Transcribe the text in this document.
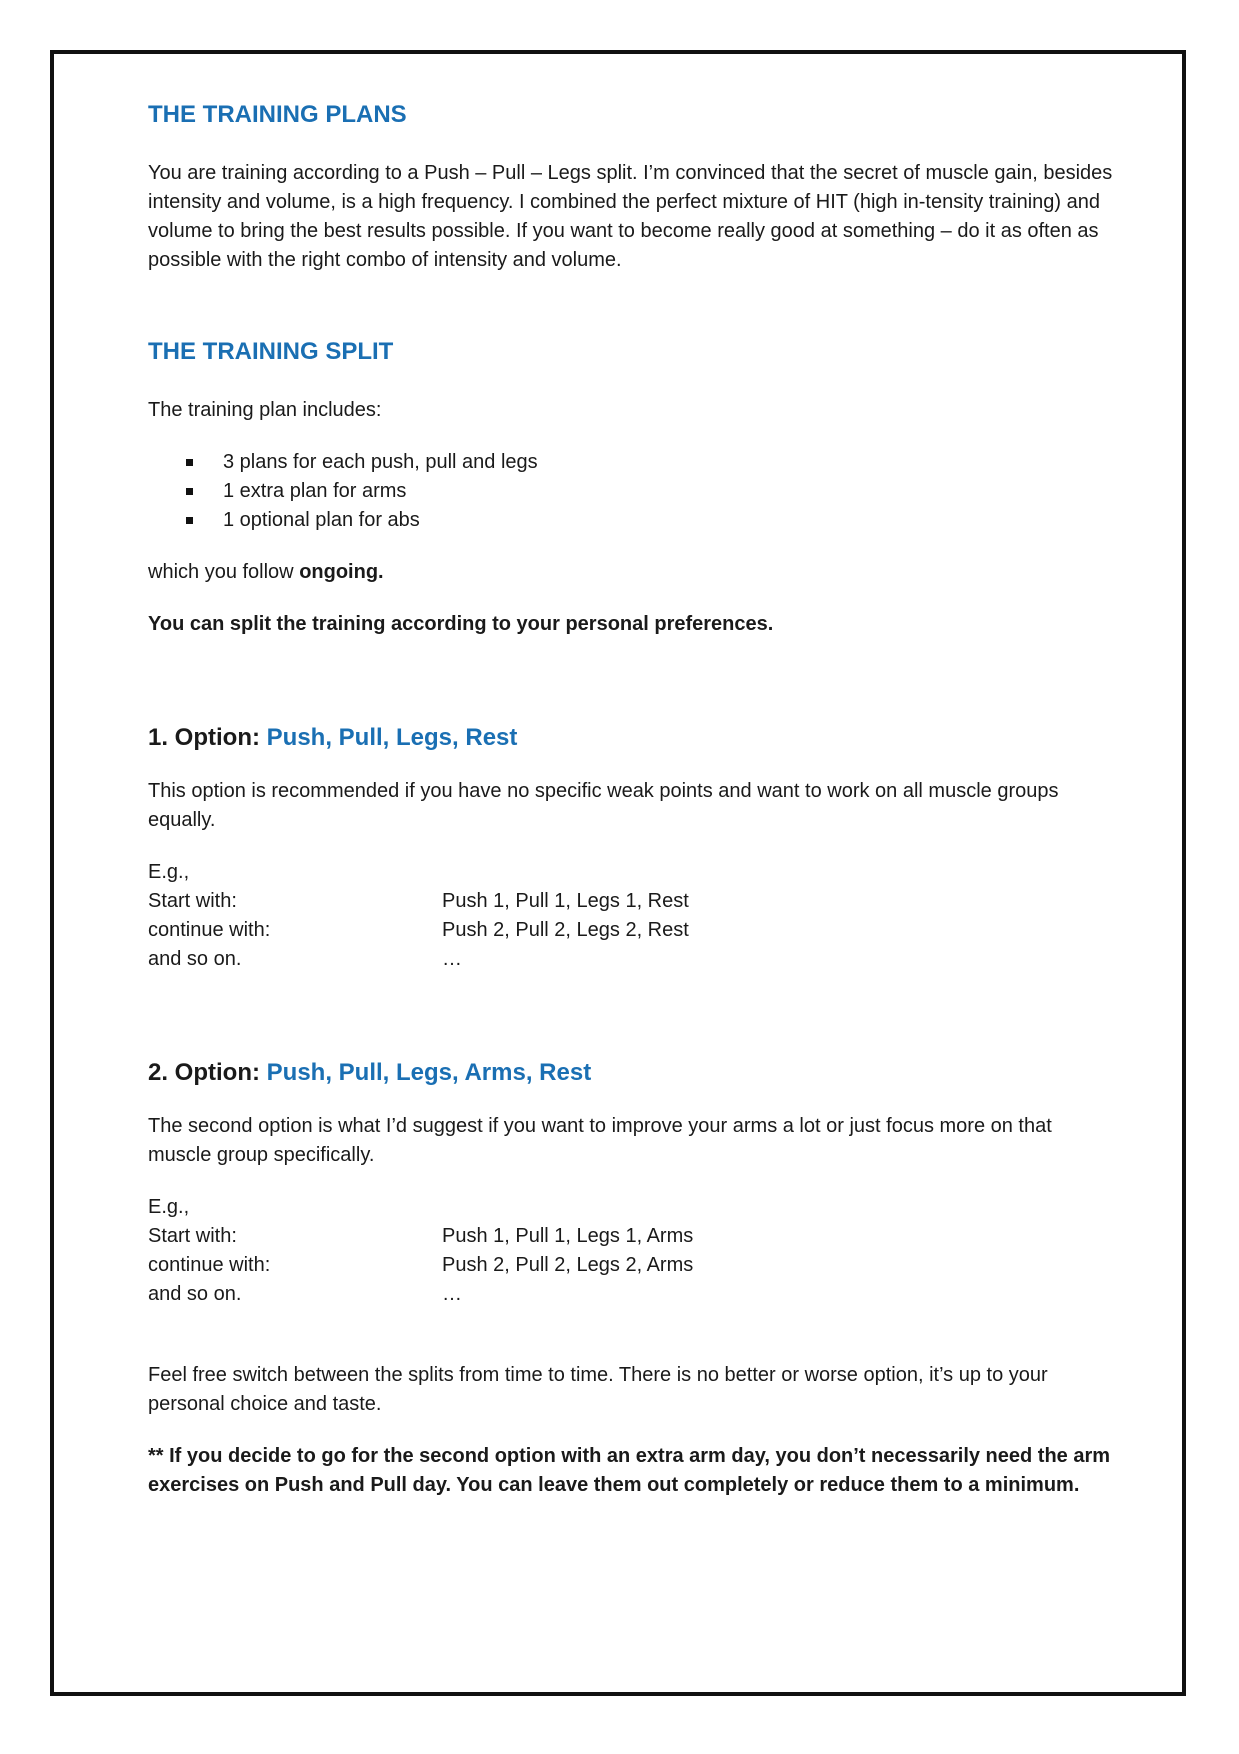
THE TRAINING PLANS

You are training according to a Push – Pull – Legs split. I’m convinced that the secret of muscle gain, besides intensity and volume, is a high frequency. I combined the perfect mixture of HIT (high in-tensity training) and volume to bring the best results possible. If you want to become really good at something – do it as often as possible with the right combo of intensity and volume.

THE TRAINING SPLIT

The training plan includes:

3 plans for each push, pull and legs
1 extra plan for arms
1 optional plan for abs

which you follow ongoing.

You can split the training according to your personal preferences.

1. Option: Push, Pull, Legs, Rest

This option is recommended if you have no specific weak points and want to work on all muscle groups equally.

E.g.,

Start with:	Push 1, Pull 1, Legs 1, Rest
continue with:	Push 2, Pull 2, Legs 2, Rest
and so on.	…
2. Option: Push, Pull, Legs, Arms, Rest

The second option is what I’d suggest if you want to improve your arms a lot or just focus more on that muscle group specifically.

E.g.,

Start with:	Push 1, Pull 1, Legs 1, Arms
continue with:	Push 2, Pull 2, Legs 2, Arms
and so on.	…

Feel free switch between the splits from time to time. There is no better or worse option, it’s up to your personal choice and taste.

** If you decide to go for the second option with an extra arm day, you don’t necessarily need the arm exercises on Push and Pull day. You can leave them out completely or reduce them to a minimum.
